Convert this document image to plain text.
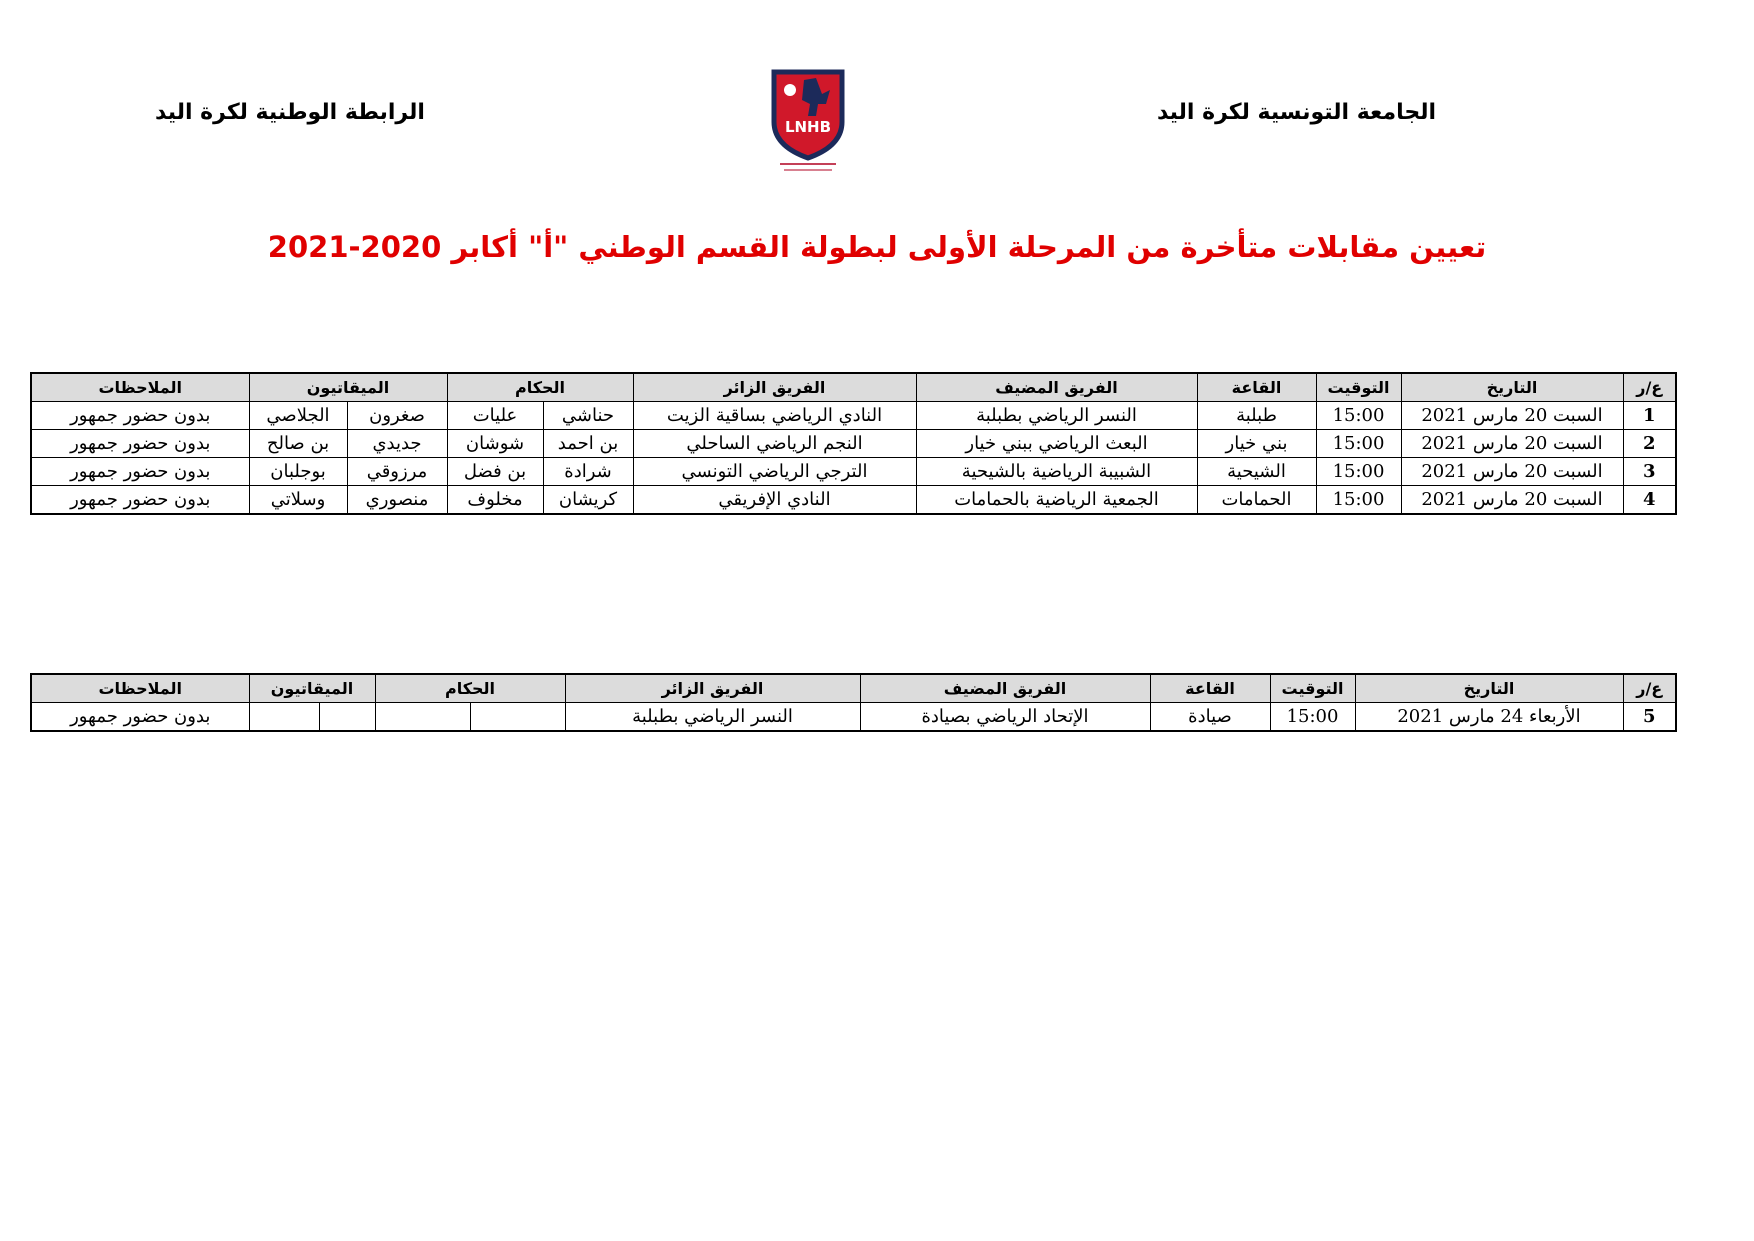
الجامعة التونسية لكرة اليد
LNHB
الرابطة الوطنية لكرة اليد
تعيين مقابلات متأخرة من المرحلة الأولى لبطولة القسم الوطني "أ" أكابر 2020-2021
ع/ر	التاريخ	التوقيت	القاعة	الفريق المضيف	الفريق الزائر	الحكام		الميقاتيون		الملاحظات
1	السبت 20 مارس 2021	15:00	طبلبة	النسر الرياضي بطبلبة	النادي الرياضي بساقية الزيت	حناشي	عليات	صغرون	الجلاصي	بدون حضور جمهور
2	السبت 20 مارس 2021	15:00	بني خيار	البعث الرياضي ببني خيار	النجم الرياضي الساحلي	بن احمد	شوشان	جديدي	بن صالح	بدون حضور جمهور
3	السبت 20 مارس 2021	15:00	الشيحية	الشبيبة الرياضية بالشيحية	الترجي الرياضي التونسي	شرادة	بن فضل	مرزوقي	بوجلبان	بدون حضور جمهور
4	السبت 20 مارس 2021	15:00	الحمامات	الجمعية الرياضية بالحمامات	النادي الإفريقي	كريشان	مخلوف	منصوري	وسلاتي	بدون حضور جمهور
ع/ر	التاريخ	التوقيت	القاعة	الفريق المضيف	الفريق الزائر	الحكام		الميقاتيون		الملاحظات
5	الأربعاء 24 مارس 2021	15:00	صيادة	الإتحاد الرياضي بصيادة	النسر الرياضي بطبلبة					بدون حضور جمهور
